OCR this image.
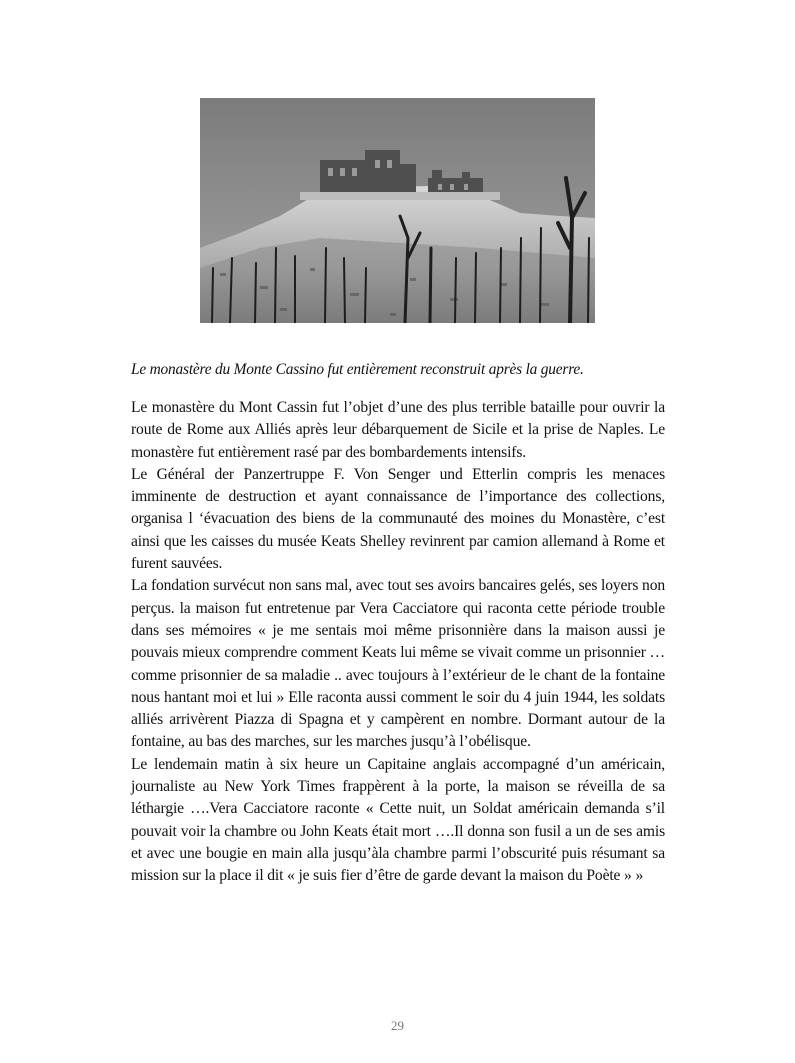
Le monastère du Monte Cassino fut entièrement reconstruit après la guerre.

Le monastère du Mont Cassin fut l’objet d’une des plus terrible bataille pour ouvrir la route de Rome aux Alliés après leur débarquement de Sicile et la prise de Naples. Le monastère fut entièrement rasé par des bombardements intensifs.

Le Général der Panzertruppe F. Von Senger und Etterlin compris les menaces imminente de destruction et ayant connaissance de l’importance des collections, organisa l ‘évacuation des biens de la communauté des moines du Monastère, c’est ainsi que les caisses du musée Keats Shelley revinrent par camion allemand à Rome et furent sauvées.

La fondation survécut non sans mal, avec tout ses avoirs bancaires gelés, ses loyers non perçus. la maison fut entretenue par Vera Cacciatore qui raconta cette période trouble dans ses mémoires « je me sentais moi même prisonnière dans la maison aussi je pouvais mieux comprendre comment Keats lui même se vivait comme un prisonnier … comme prisonnier de sa maladie .. avec toujours à l’extérieur de le chant de la fontaine nous hantant moi et lui » Elle raconta aussi comment le soir du 4 juin 1944, les soldats alliés arrivèrent Piazza di Spagna et y campèrent en nombre. Dormant autour de la fontaine, au bas des marches, sur les marches jusqu’à l’obélisque.

Le lendemain matin à six heure un Capitaine anglais accompagné d’un américain, journaliste au New York Times frappèrent à la porte, la maison se réveilla de sa léthargie ….Vera Cacciatore raconte « Cette nuit, un Soldat américain demanda s’il pouvait voir la chambre ou John Keats était mort ….Il donna son fusil a un de ses amis et avec une bougie en main alla jusqu’àla chambre parmi l’obscurité puis résumant sa mission sur la place il dit « je suis fier d’être de garde devant la maison du Poète » »

29
